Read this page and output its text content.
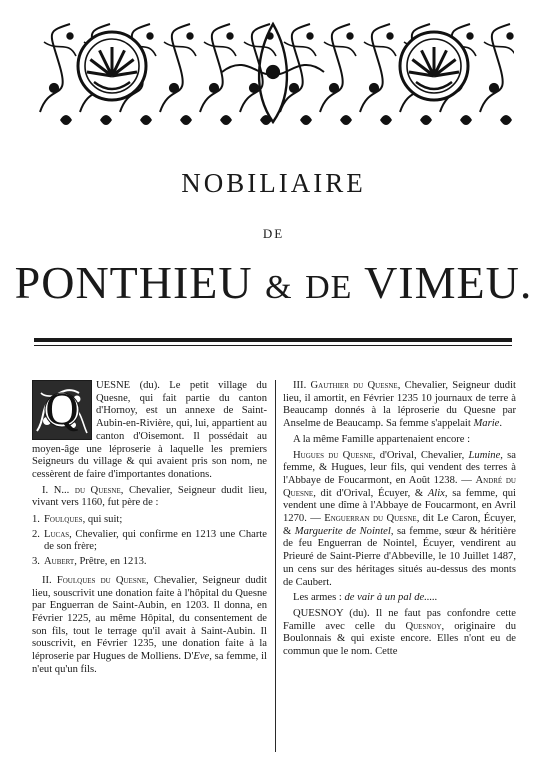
NOBILIAIRE
DE
PONTHIEU & DE VIMEU.
Q	UESNE (du). Le petit village du Quesne, qui fait partie du canton d'Hornoy, est un annexe de Saint-Aubin-en-Rivière, qui, lui, appartient au canton d'Oisemont. Il possédait au moyen-âge une léproserie à laquelle les premiers Seigneurs du village & qui avaient pris son nom, ne cessèrent de faire d'importantes donations.

I. N... du Quesne, Chevalier, Seigneur dudit lieu, vivant vers 1160, fut père de :

1. Foulques, qui suit;
2. Lucas, Chevalier, qui confirme en 1213 une Charte de son frère;
3. Aubert, Prêtre, en 1213.

II. Foulques du Quesne, Chevalier, Seigneur dudit lieu, souscrivit une donation faite à l'hôpital du Quesne par Enguerran de Saint-Aubin, en 1203. Il donna, en Février 1225, au même Hôpital, du consentement de son fils, tout le terrage qu'il avait à Saint-Aubin. Il souscrivit, en Février 1235, une donation faite à la léproserie par Hugues de Molliens. D'Eve, sa femme, il n'eut qu'un fils.

III. Gauthier du Quesne, Chevalier, Seigneur dudit lieu, il amortit, en Février 1235 10 journaux de terre à Beaucamp donnés à la léproserie du Quesne par Anselme de Beaucamp. Sa femme s'appelait Marie.

A la même Famille appartenaient encore :

Hugues du Quesne, d'Orival, Chevalier, Lumine, sa femme, & Hugues, leur fils, qui vendent des terres à l'Abbaye de Foucarmont, en Août 1238. — André du Quesne, dit d'Orival, Écuyer, & Alix, sa femme, qui vendent une dîme à l'Abbaye de Foucarmont, en Avril 1270. — Enguerran du Quesne, dit Le Caron, Écuyer, & Marguerite de Nointel, sa femme, sœur & héritière de feu Enguerran de Nointel, Écuyer, vendirent au Prieuré de Saint-Pierre d'Abbeville, le 10 Juillet 1487, un cens sur des héritages situés au-dessus des monts de Caubert.

Les armes : de vair à un pal de.....

QUESNOY (du). Il ne faut pas confondre cette Famille avec celle du Quesnoy, originaire du Boulonnais & qui existe encore. Elles n'ont eu de commun que le nom. Cette
